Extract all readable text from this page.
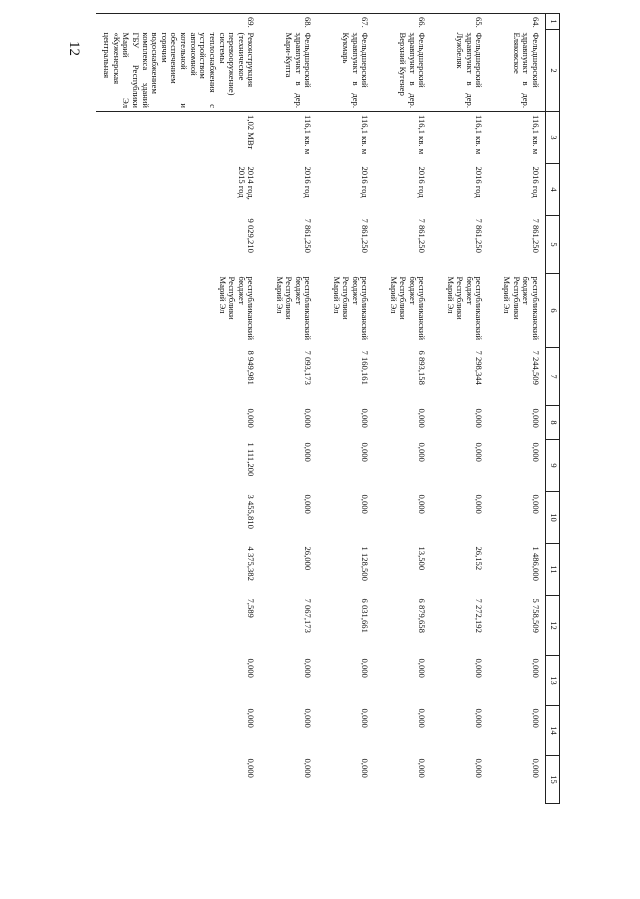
12
1	2	3	4	5	6	7	8	9	10	11	12	13	14	15
64.	Фельдшерский здравпункт в дер. Еляковское	116,1 кв. м	2016 год	7 861,250	республиканский бюджет Республики Марий Эл	7 244,509	0,000	0,000	0,000	1 486,000	5 758,509	0,000	0,000	0,000
65.	Фельдшерский здравпункт в дер. Лужбеляк	116,1 кв. м	2016 год	7 861,250	республиканский бюджет Республики Марий Эл	7 298,344	0,000	0,000	0,000	26,152	7 272,192	0,000	0,000	0,000
66.	Фельдшерский здравпункт в дер. Верхний Кугенер	116,1 кв. м	2016 год	7 861,250	республиканский бюджет Республики Марий Эл	6 893,158	0,000	0,000	0,000	13,500	6 879,658	0,000	0,000	0,000
67.	Фельдшерский здравпункт в дер. Кукмарь	116,1 кв. м	2016 год	7 861,250	республиканский бюджет Республики Марий Эл	7 160,161	0,000	0,000	0,000	1 128,500	6 031,661	0,000	0,000	0,000
68.	Фельдшерский здравпункт в дер. Мари-Купта	116,1 кв. м	2016 год	7 861,250	республиканский бюджет Республики Марий Эл	7 093,173	0,000	0,000	0,000	26,000	7 067,173	0,000	0,000	0,000
69.	Реконструкция (техническое перевооружение) системы теплоснабжения с устройством автономной котельной и обеспечением горячим водоснабжением комплекса зданий ГБУ Республики Марий Эл «Куженерская центральная	1,02 МВт	2014 год, 2015 год	9 029,210	республиканский бюджет Республики Марий Эл	8 949,981	0,000	1 111,200	3 455,810	4 375,382	7,589	0,000	0,000	0,000
